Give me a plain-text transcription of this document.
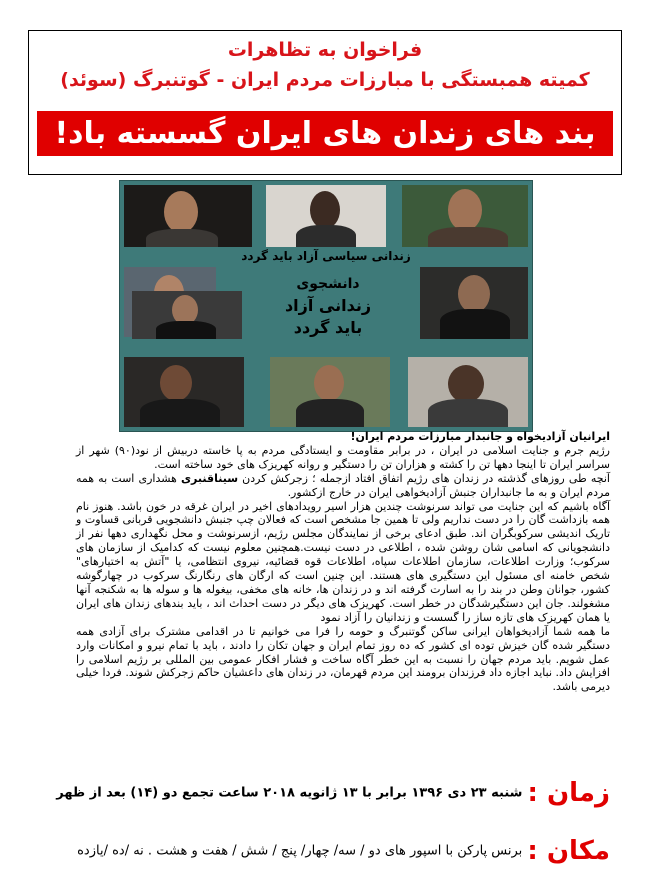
فراخوان به تظاهرات
کمیته همبستگی با مبارزات مردم ایران - گوتنبرگ (سوئد)
بند های زندان های ایران گسسته باد!
زندانی سیاسی آزاد باید گردد
دانشجوی
زندانی آزاد
باید گردد

ایرانیان آزادیخواه و جانبدار مبارزات مردم ایران!

رژیم جرم و جنایت اسلامی در ایران ، در برابر مقاومت و ایستادگی مردم به پا خاسته دربیش از نود(۹۰) شهر از سراسر ایران تا اینجا دهها تن را کشته و هزاران تن را دستگیر و روانه کهریزک های خود ساخته است.

آنچه طی روزهای گذشته در زندان های رژیم اتفاق افتاد ازجمله ؛ زجرکش کردن سیناقنبری هشداری است به همه مردم ایران و به ما جانبداران جنبش آزادیخواهی ایران در خارج ازکشور.

آگاه باشیم که این جنایت می تواند سرنوشت چندین هزار اسیر رویدادهای اخیر در ایران غرقه در خون باشد. هنوز نام همه بازداشت گان را در دست نداریم ولی تا همین جا مشخص است که فعالان چپ جنبش دانشجویی قربانی قساوت و تاریک اندیشی سرکوبگران اند. طبق ادعای برخی از نمایندگان مجلس رژیم، ازسرنوشت و محل نگهداری دهها نفر از دانشجویانی که اسامی شان روشن شده ، اطلاعی در دست نیست.همچنین معلوم نیست که کدامیک از سازمان های سرکوب؛ وزارت اطلاعات، سازمان اطلاعات سپاه، اطلاعات قوه قضائیه، نیروی انتظامی، یا "آتش به اختیارهای" شخص خامنه ای مسئول این دستگیری های هستند. این چنین است که ارگان های رنگارنگ سرکوب در چهارگوشه کشور، جوانان وطن در بند را به اسارت گرفته اند و در زندان ها، خانه های مخفی، بیغوله ها و سوله ها به شکنجه آنها مشغولند. جان این دستگیرشدگان در خطر است. کهریزک های دیگر در دست احداث اند ، باید بندهای زندان های ایران یا همان کهریزک های تازه ساز را گسست و زندانیان را آزاد نمود

ما همه شما آزادیخواهان ایرانی ساکن گوتنبرگ و حومه را فرا می خوانیم تا در اقدامی مشترک برای آزادی همه دستگیر شده گان خیزش توده ای کشور که ده روز تمام ایران و جهان تکان را دادند ، باید با تمام نیرو و امکانات وارد عمل شویم. باید مردم جهان را نسبت به این خطر آگاه ساخت و فشار افکار عمومی بین المللی بر رژیم اسلامی را افزایش داد. نباید اجازه داد فرزندان برومند این مردم قهرمان، در زندان های داعشیان حاکم زجرکش شوند. فردا خیلی دیرمی باشد.

زمان : شنبه ۲۳ دی ۱۳۹۶ برابر با ۱۳ ژانویه ۲۰۱۸ ساعت تجمع دو (۱۴) بعد از ظهر
مکان : برنس پارکن با اسپور های دو / سه/ چهار/ پنج / شش / هفت و هشت . نه /ده /یازده
